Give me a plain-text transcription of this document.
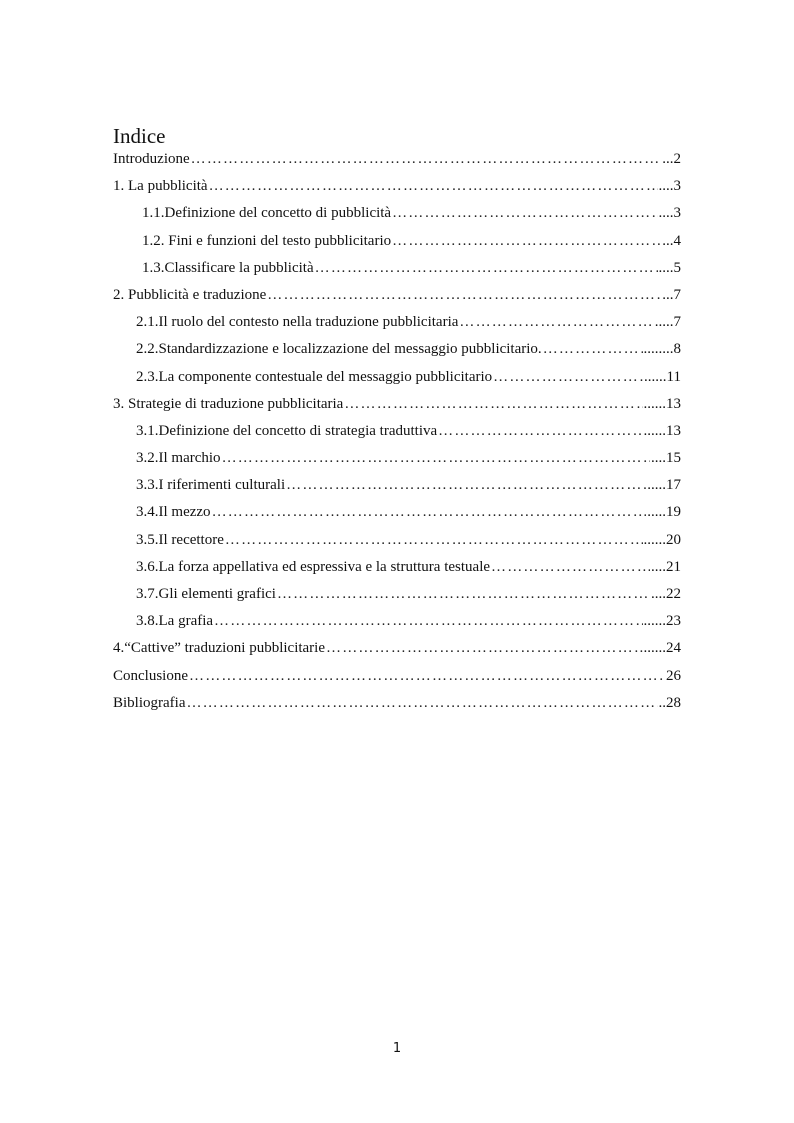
Indice
Introduzione …………………………………………………………………………………………………………………………………………………………………………………………………………………………	...2
1. La pubblicità …………………………………………………………………………………………………………………………………………………………………………………………………………………………	....3
1.1.Definizione del concetto di pubblicità …………………………………………………………………………………………………………………………………………………………………………………………………………………………	....3
1.2. Fini e funzioni del testo pubblicitario …………………………………………………………………………………………………………………………………………………………………………………………………………………………	...4
1.3.Classificare la pubblicità …………………………………………………………………………………………………………………………………………………………………………………………………………………………	....5
2. Pubblicità e traduzione …………………………………………………………………………………………………………………………………………………………………………………………………………………………	...7
2.1.Il ruolo del contesto nella traduzione pubblicitaria …………………………………………………………………………………………………………………………………………………………………………………………………………………………	.....7
2.2.Standardizzazione e localizzazione del messaggio pubblicitario. …………………………………………………………………………………………………………………………………………………………………………………………………………………………	........8
2.3.La componente contestuale del messaggio pubblicitario …………………………………………………………………………………………………………………………………………………………………………………………………………………………	......11
3. Strategie di traduzione pubblicitaria …………………………………………………………………………………………………………………………………………………………………………………………………………………………	......13
3.1.Definizione del concetto di strategia traduttiva …………………………………………………………………………………………………………………………………………………………………………………………………………………………	......13
3.2.Il marchio …………………………………………………………………………………………………………………………………………………………………………………………………………………………	....15
3.3.I riferimenti culturali …………………………………………………………………………………………………………………………………………………………………………………………………………………………	.....17
3.4.Il mezzo …………………………………………………………………………………………………………………………………………………………………………………………………………………………	.....19
3.5.Il recettore …………………………………………………………………………………………………………………………………………………………………………………………………………………………	......20
3.6.La forza appellativa ed espressiva e la struttura testuale …………………………………………………………………………………………………………………………………………………………………………………………………………………………	....21
3.7.Gli elementi grafici …………………………………………………………………………………………………………………………………………………………………………………………………………………………	....22
3.8.La grafia …………………………………………………………………………………………………………………………………………………………………………………………………………………………	......23
4.“Cattive” traduzioni pubblicitarie …………………………………………………………………………………………………………………………………………………………………………………………………………………………	......24
Conclusione …………………………………………………………………………………………………………………………………………………………………………………………………………………………	26
Bibliografia …………………………………………………………………………………………………………………………………………………………………………………………………………………………	..28
1
